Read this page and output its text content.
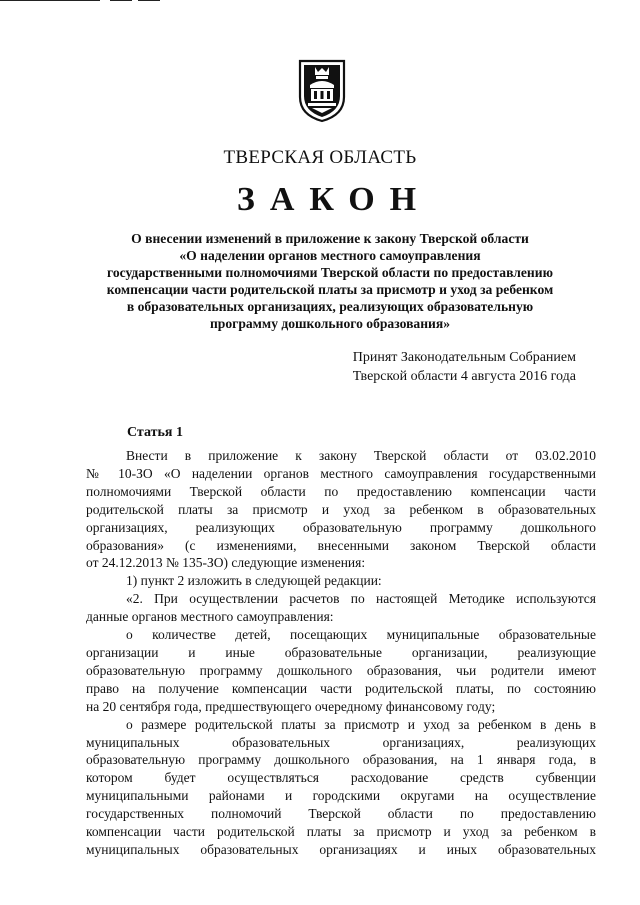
ТВЕРСКАЯ ОБЛАСТЬ
ЗАКОН
О внесении изменений в приложение к закону Тверской области
«О наделении органов местного самоуправления
государственными полномочиями Тверской области по предоставлению
компенсации части родительской платы за присмотр и уход за ребенком
в образовательных организациях, реализующих образовательную
программу дошкольного образования»
Принят Законодательным Собранием
Тверской области 4 августа 2016 года
Статья 1
Внести в приложение к закону Тверской области от 03.02.2010
№ 10-ЗО «О наделении органов местного самоуправления государственными
полномочиями Тверской области по предоставлению компенсации части
родительской платы за присмотр и уход за ребенком в образовательных
организациях, реализующих образовательную программу дошкольного
образования» (с изменениями, внесенными законом Тверской области
от 24.12.2013 № 135-ЗО) следующие изменения:
1) пункт 2 изложить в следующей редакции:
«2. При осуществлении расчетов по настоящей Методике используются
данные органов местного самоуправления:
о количестве детей, посещающих муниципальные образовательные
организации и иные образовательные организации, реализующие
образовательную программу дошкольного образования, чьи родители имеют
право на получение компенсации части родительской платы, по состоянию
на 20 сентября года, предшествующего очередному финансовому году;
о размере родительской платы за присмотр и уход за ребенком в день в
муниципальных образовательных организациях, реализующих
образовательную программу дошкольного образования, на 1 января года, в
котором будет осуществляться расходование средств субвенции
муниципальными районами и городскими округами на осуществление
государственных полномочий Тверской области по предоставлению
компенсации части родительской платы за присмотр и уход за ребенком в
муниципальных образовательных организациях и иных образовательных
